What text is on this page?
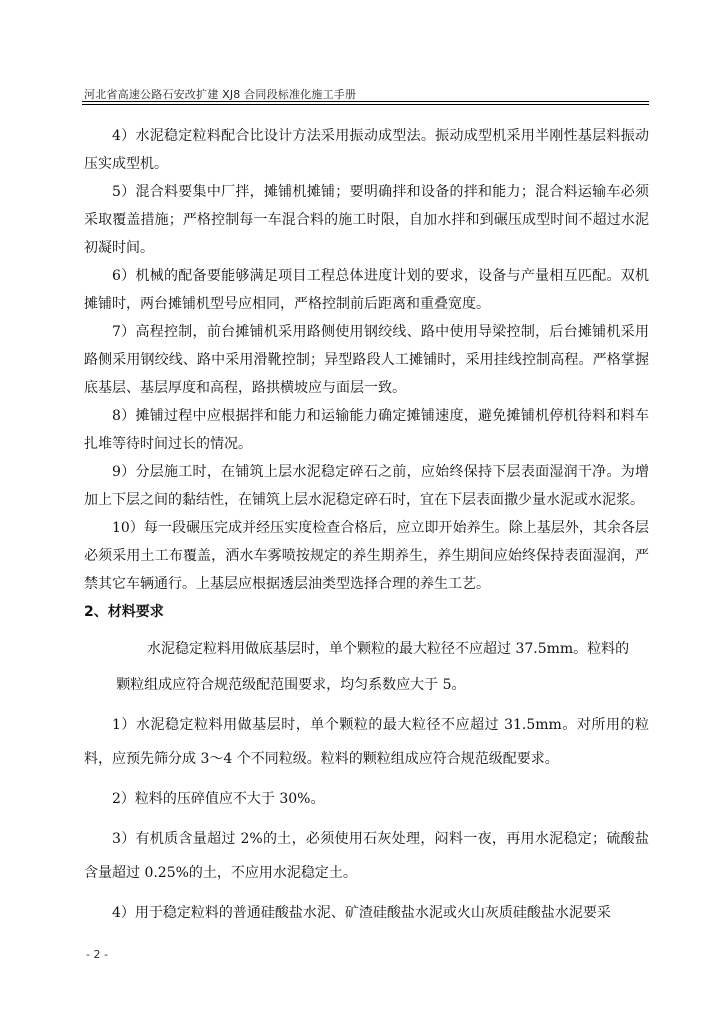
河北省高速公路石安改扩建 XJ8 合同段标准化施工手册

4）水泥稳定粒料配合比设计方法采用振动成型法。振动成型机采用半刚性基层料振动压实成型机。

5）混合料要集中厂拌，摊铺机摊铺；要明确拌和设备的拌和能力；混合料运输车必须采取覆盖措施；严格控制每一车混合料的施工时限，自加水拌和到碾压成型时间不超过水泥初凝时间。

6）机械的配备要能够满足项目工程总体进度计划的要求，设备与产量相互匹配。双机摊铺时，两台摊铺机型号应相同，严格控制前后距离和重叠宽度。

7）高程控制，前台摊铺机采用路侧使用钢绞线、路中使用导梁控制，后台摊铺机采用路侧采用钢绞线、路中采用滑靴控制；异型路段人工摊铺时，采用挂线控制高程。严格掌握底基层、基层厚度和高程，路拱横坡应与面层一致。

8）摊铺过程中应根据拌和能力和运输能力确定摊铺速度，避免摊铺机停机待料和料车扎堆等待时间过长的情况。

9）分层施工时，在铺筑上层水泥稳定碎石之前，应始终保持下层表面湿润干净。为增加上下层之间的黏结性，在铺筑上层水泥稳定碎石时，宜在下层表面撒少量水泥或水泥浆。

10）每一段碾压完成并经压实度检查合格后，应立即开始养生。除上基层外，其余各层必须采用土工布覆盖，洒水车雾喷按规定的养生期养生，养生期间应始终保持表面湿润，严禁其它车辆通行。上基层应根据透层油类型选择合理的养生工艺。

2、材料要求

水泥稳定粒料用做底基层时，单个颗粒的最大粒径不应超过 37.5mm。粒料的

颗粒组成应符合规范级配范围要求，均匀系数应大于 5。

1）水泥稳定粒料用做基层时，单个颗粒的最大粒径不应超过 31.5mm。对所用的粒料，应预先筛分成 3～4 个不同粒级。粒料的颗粒组成应符合规范级配要求。

2）粒料的压碎值应不大于 30%。

3）有机质含量超过 2%的土，必须使用石灰处理，闷料一夜，再用水泥稳定；硫酸盐含量超过 0.25%的土，不应用水泥稳定土。

4）用于稳定粒料的普通硅酸盐水泥、矿渣硅酸盐水泥或火山灰质硅酸盐水泥要采

- 2 -
